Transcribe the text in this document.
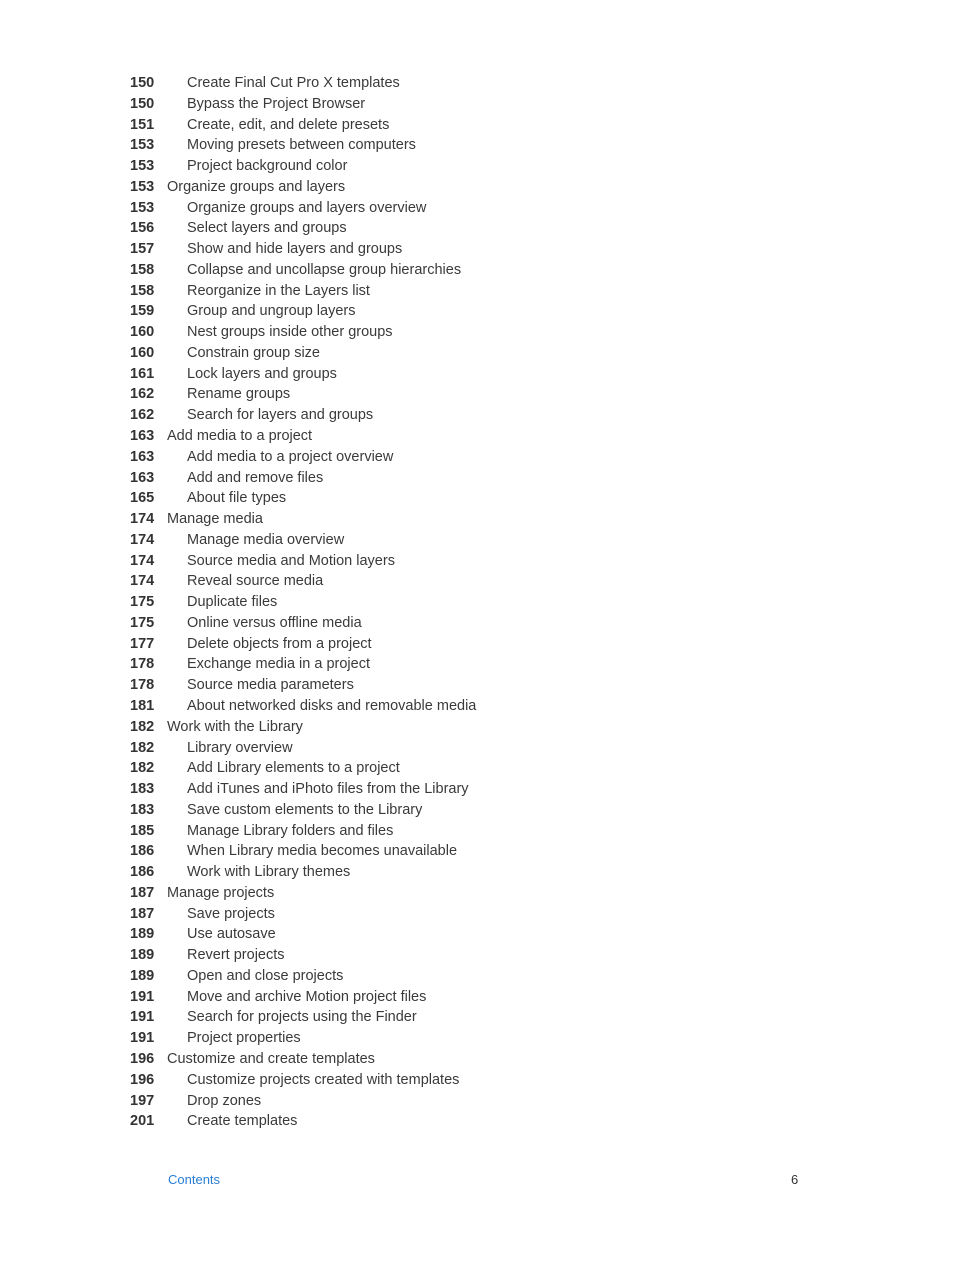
150 Create Final Cut Pro X templates
150 Bypass the Project Browser
151 Create, edit, and delete presets
153 Moving presets between computers
153 Project background color
153 Organize groups and layers
153 Organize groups and layers overview
156 Select layers and groups
157 Show and hide layers and groups
158 Collapse and uncollapse group hierarchies
158 Reorganize in the Layers list
159 Group and ungroup layers
160 Nest groups inside other groups
160 Constrain group size
161 Lock layers and groups
162 Rename groups
162 Search for layers and groups
163 Add media to a project
163 Add media to a project overview
163 Add and remove files
165 About file types
174 Manage media
174 Manage media overview
174 Source media and Motion layers
174 Reveal source media
175 Duplicate files
175 Online versus offline media
177 Delete objects from a project
178 Exchange media in a project
178 Source media parameters
181 About networked disks and removable media
182 Work with the Library
182 Library overview
182 Add Library elements to a project
183 Add iTunes and iPhoto files from the Library
183 Save custom elements to the Library
185 Manage Library folders and files
186 When Library media becomes unavailable
186 Work with Library themes
187 Manage projects
187 Save projects
189 Use autosave
189 Revert projects
189 Open and close projects
191 Move and archive Motion project files
191 Search for projects using the Finder
191 Project properties
196 Customize and create templates
196 Customize projects created with templates
197 Drop zones
201 Create templates
Contents	6
